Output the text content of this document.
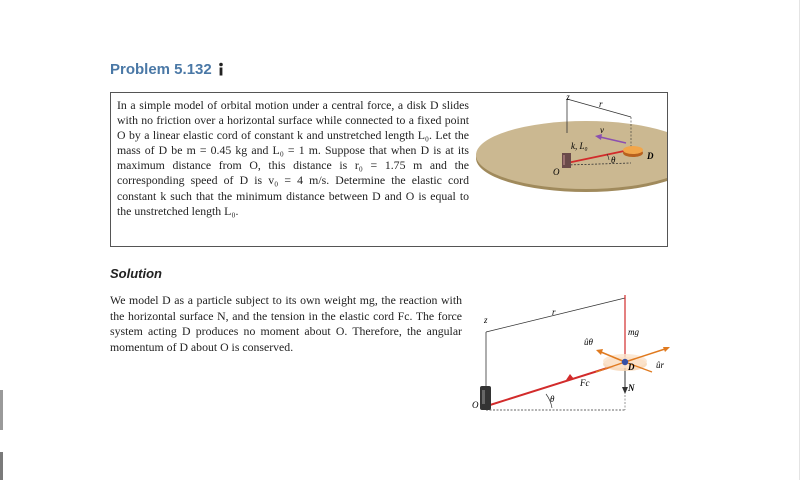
Problem 5.132
In a simple model of orbital motion under a central force, a disk D slides with no friction over a horizontal surface while connected to a fixed point O by a linear elastic cord of constant k and unstretched length L₀. Let the mass of D be m = 0.45 kg and L₀ = 1 m. Suppose that when D is at its maximum distance from O, this distance is r₀ = 1.75 m and the corresponding speed of D is v₀ = 4 m/s. Determine the elastic cord constant k such that the minimum distance between D and O is equal to the unstretched length L₀.
z
r
v
k, L₀
θ	D
O
Solution
We model D as a particle subject to its own weight mg, the reaction with the horizontal surface N, and the tension in the elastic cord Fc. The force system acting D produces no moment about O. Therefore, the angular momentum of D about O is conserved.
z
r
mg
ûθ
ûr
D
Fc	N
θ
O
